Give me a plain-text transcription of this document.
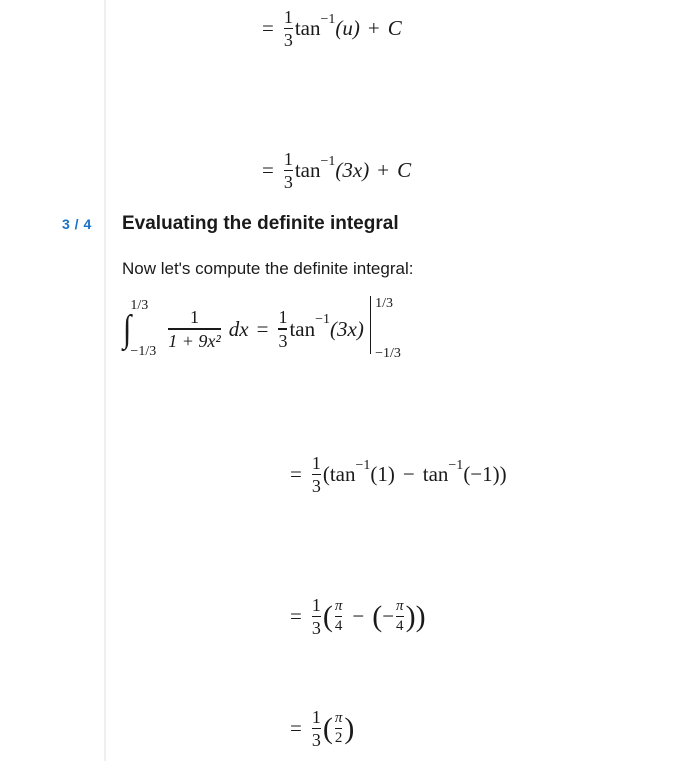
= $\frac{1}{3}$ tan −1 (u) + C
= $\frac{1}{3}$ tan −1 (3x) + C
3 / 4 Evaluating the definite integral
Now let's compute the definite integral:
∫
1/3
−1/3
$\frac{1}{\text{1 + 9x²}}$ dx = $\frac{1}{3}$ tan −1 (3x)
1/3
−1/3
= $\frac{1}{3}$ ( tan −1 (1) − tan −1 (−1) )
= $\frac{1}{3}$ ( $\frac{\pi}{4}$ − ( − $\frac{\pi}{4}$ ) )
= $\frac{1}{3}$ ( $\frac{\pi}{2}$ )
